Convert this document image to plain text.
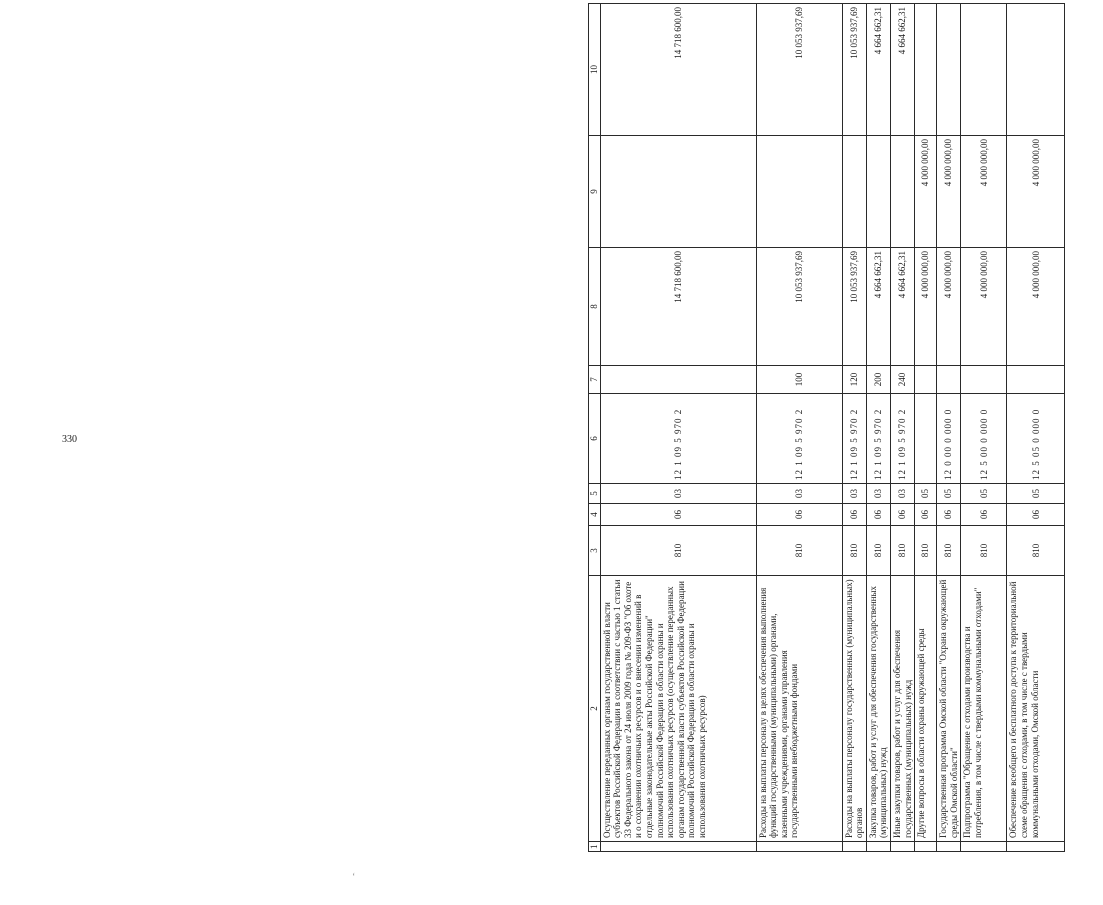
330
1	2	3	4	5	6	7	8	9	10
	Осуществление переданных органам государственной власти субъектов Российской Федерации в соответствии с частью 1 статьи 33 Федерального закона от 24 июля 2009 года № 209-ФЗ "Об охоте и о сохранении охотничьих ресурсов и о внесении изменений в отдельные законодательные акты Российской Федерации" полномочий Российской Федерации в области охраны и использования охотничьих ресурсов (осуществление переданных органам государственной власти субъектов Российской Федерации полномочий Российской Федерации в области охраны и использования охотничьих ресурсов)	810	06	03	12 1 09 5 970 2		14 718 600,00		14 718 600,00
	Расходы на выплаты персоналу в целях обеспечения выполнения функций государственными (муниципальными) органами, казенными учреждениями, органами управления государственными внебюджетными фондами	810	06	03	12 1 09 5 970 2	100	10 053 937,69		10 053 937,69
	Расходы на выплаты персоналу государственных (муниципальных) органов	810	06	03	12 1 09 5 970 2	120	10 053 937,69		10 053 937,69
	Закупка товаров, работ и услуг для обеспечения государственных (муниципальных) нужд	810	06	03	12 1 09 5 970 2	200	4 664 662,31		4 664 662,31
	Иные закупки товаров, работ и услуг для обеспечения государственных (муниципальных) нужд	810	06	03	12 1 09 5 970 2	240	4 664 662,31		4 664 662,31
	Другие вопросы в области охраны окружающей среды	810	06	05			4 000 000,00	4 000 000,00	
	Государственная программа Омской области "Охрана окружающей среды Омской области"	810	06	05	12 0 00 0 000 0		4 000 000,00	4 000 000,00	
	Подпрограмма "Обращение с отходами производства и потребления, в том числе с твердыми коммунальными отходами"	810	06	05	12 5 00 0 000 0		4 000 000,00	4 000 000,00	
	Обеспечение всеобщего и бесплатного доступа к территориальной схеме обращения с отходами, в том числе с твердыми коммунальными отходами, Омской области	810	06	05	12 5 05 0 000 0		4 000 000,00	4 000 000,00	
ʻ
